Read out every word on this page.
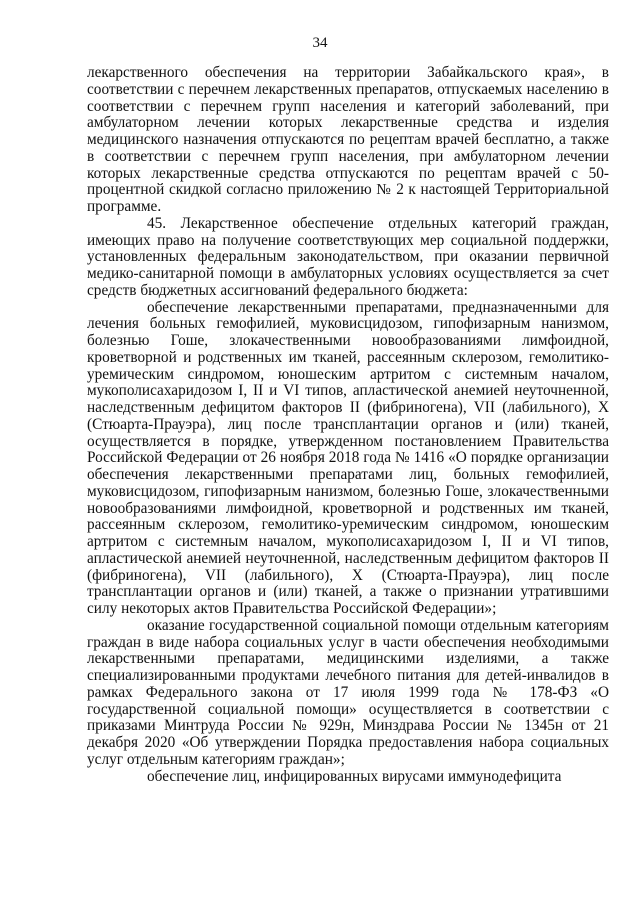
34

лекарственного обеспечения на территории Забайкальского края», в соответствии с перечнем лекарственных препаратов, отпускаемых населению в соответствии с перечнем групп населения и категорий заболеваний, при амбулаторном лечении которых лекарственные средства и изделия медицинского назначения отпускаются по рецептам врачей бесплатно, а также в соответствии с перечнем групп населения, при амбулаторном лечении которых лекарственные средства отпускаются по рецептам врачей с 50-процентной скидкой согласно приложению № 2 к настоящей Территориальной программе.

45. Лекарственное обеспечение отдельных категорий граждан, имеющих право на получение соответствующих мер социальной поддержки, установленных федеральным законодательством, при оказании первичной медико-санитарной помощи в амбулаторных условиях осуществляется за счет средств бюджетных ассигнований федерального бюджета:

обеспечение лекарственными препаратами, предназначенными для лечения больных гемофилией, муковисцидозом, гипофизарным нанизмом, болезнью Гоше, злокачественными новообразованиями лимфоидной, кроветворной и родственных им тканей, рассеянным склерозом, гемолитико-уремическим синдромом, юношеским артритом с системным началом, мукополисахаридозом I, II и VI типов, апластической анемией неуточненной, наследственным дефицитом факторов II (фибриногена), VII (лабильного), X (Стюарта-Прауэра), лиц после трансплантации органов и (или) тканей, осуществляется в порядке, утвержденном постановлением Правительства Российской Федерации от 26 ноября 2018 года № 1416 «О порядке организации обеспечения лекарственными препаратами лиц, больных гемофилией, муковисцидозом, гипофизарным нанизмом, болезнью Гоше, злокачественными новообразованиями лимфоидной, кроветворной и родственных им тканей, рассеянным склерозом, гемолитико-уремическим синдромом, юношеским артритом с системным началом, мукополисахаридозом I, II и VI типов, апластической анемией неуточненной, наследственным дефицитом факторов II (фибриногена), VII (лабильного), X (Стюарта-Прауэра), лиц после трансплантации органов и (или) тканей, а также о признании утратившими силу некоторых актов Правительства Российской Федерации»;

оказание государственной социальной помощи отдельным категориям граждан в виде набора социальных услуг в части обеспечения необходимыми лекарственными препаратами, медицинскими изделиями, а также специализированными продуктами лечебного питания для детей-инвалидов в рамках Федерального закона от 17 июля 1999 года № 178-ФЗ «О государственной социальной помощи» осуществляется в соответствии с приказами Минтруда России № 929н, Минздрава России № 1345н от 21 декабря 2020 «Об утверждении Порядка предоставления набора социальных услуг отдельным категориям граждан»;

обеспечение лиц, инфицированных вирусами иммунодефицита
